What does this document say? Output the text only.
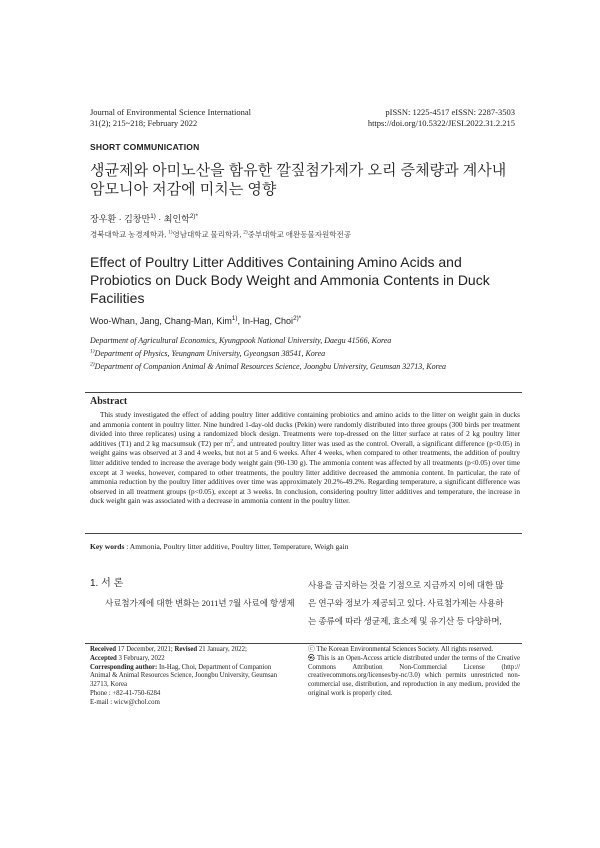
Journal of Environmental Science International
31(2); 215~218; February 2022
pISSN: 1225-4517 eISSN: 2287-3503
https://doi.org/10.5322/JESI.2022.31.2.215
SHORT COMMUNICATION
생균제와 아미노산을 함유한 깔짚첨가제가 오리 증체량과 계사내
암모니아 저감에 미치는 영향
장우환 · 김창만$^{1)}$ · 최인학$^{2)*}$
경북대학교 농경제학과, $^{1)}$영남대학교 물리학과, $^{2)}$중부대학교 애완동물자원학전공
Effect of Poultry Litter Additives Containing Amino Acids and
Probiotics on Duck Body Weight and Ammonia Contents in Duck
Facilities
Woo-Whan, Jang, Chang-Man, Kim$^{1)}$, In-Hag, Choi$^{2)*}$
Department of Agricultural Economics, Kyungpook National University, Daegu 41566, Korea
$^{1)}$Department of Physics, Yeungnam University, Gyeongsan 38541, Korea
$^{2)}$Department of Companion Animal & Animal Resources Science, Joongbu University, Geumsan 32713, Korea
Abstract
This study investigated the effect of adding poultry litter additive containing probiotics and amino acids to the litter on weight gain in ducks and ammonia content in poultry litter. Nine hundred 1-day-old ducks (Pekin) were randomly distributed into three groups (300 birds per treatment divided into three replicates) using a randomized block design. Treatments were top-dressed on the litter surface at rates of 2 kg poultry litter additives (T1) and 2 kg macsumsuk (T2) per $m^2$, and untreated poultry litter was used as the control. Overall, a significant difference (p<0.05) in weight gains was observed at 3 and 4 weeks, but not at 5 and 6 weeks. After 4 weeks, when compared to other treatments, the addition of poultry litter additive tended to increase the average body weight gain (90-130 g). The ammonia content was affected by all treatments (p<0.05) over time except at 3 weeks, however, compared to other treatments, the poultry litter additive decreased the ammonia content. In particular, the rate of ammonia reduction by the poultry litter additives over time was approximately 20.2%-49.2%. Regarding temperature, a significant difference was observed in all treatment groups (p<0.05), except at 3 weeks. In conclusion, considering poultry litter additives and temperature, the increase in duck weight gain was associated with a decrease in ammonia content in the poultry litter.
Key words : Ammonia, Poultry litter additive, Poultry litter, Temperature, Weigh gain
1. 서 론
사료첨가제에 대한 변화는 2011년 7월 사료에 항생제
사용을 금지하는 것을 기점으로 지금까지 이에 대한 많
은 연구와 정보가 제공되고 있다. 사료첨가제는 사용하
는 종류에 따라 생균제, 효소제 및 유기산 등 다양하며,
Received 17 December, 2021; Revised 21 January, 2022;
Accepted 3 February, 2022
Corresponding author: In-Hag, Choi, Department of Companion Animal & Animal Resources Science, Joongbu University, Geumsan 32713, Korea
Phone : +82-41-750-6284
E-mail : wicw@chol.com
ⓒ The Korean Environmental Sciences Society. All rights reserved.
㉿ This is an Open-Access article distributed under the terms of the Creative Commons Attribution Non-Commercial License (http:// creativecommons.org/licenses/by-nc/3.0) which permits unrestricted non-commercial use, distribution, and reproduction in any medium, provided the original work is properly cited.
